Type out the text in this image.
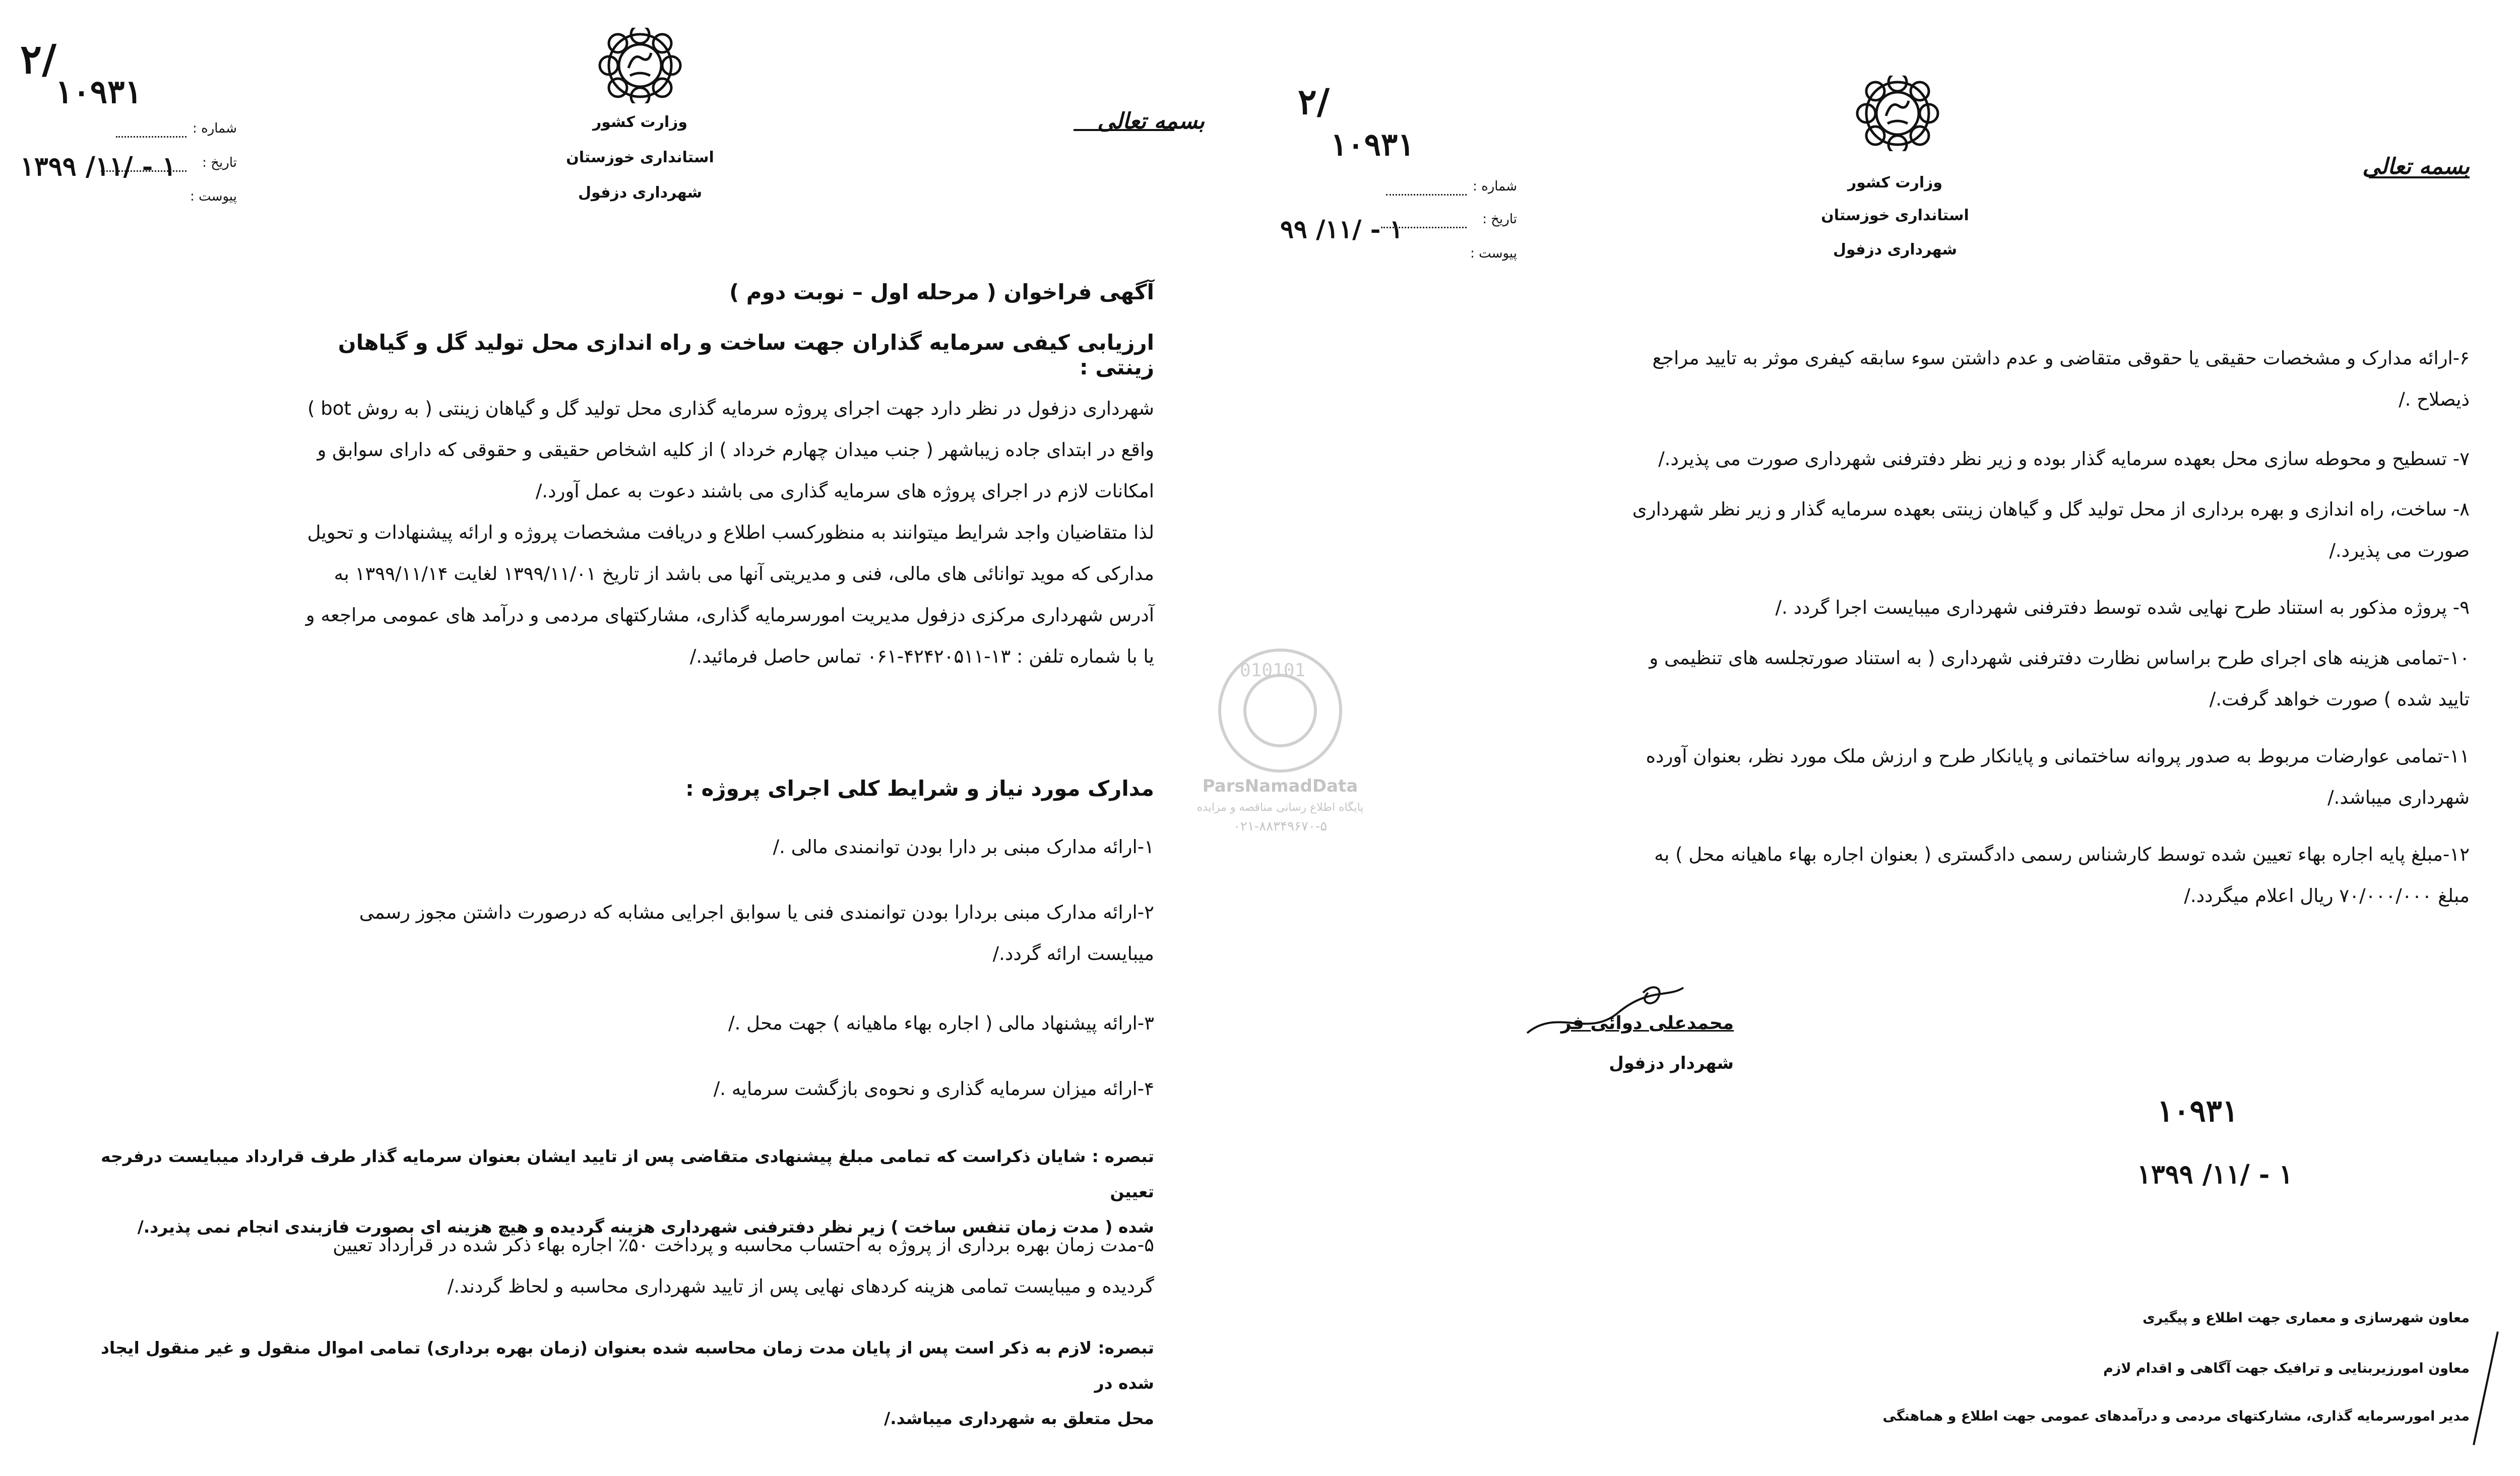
۲/
۱۰۹۳۱
۱۳۹۹ /۱۱/ - ۱
شماره :
تاریخ :
پیوست :
وزارت کشور
استانداری خوزستان
شهرداری دزفول
بسمه تعالی
آگهی فراخوان ( مرحله اول – نوبت دوم )
ارزیابی کیفی سرمایه گذاران جهت ساخت و راه اندازی محل تولید گل و گیاهان زینتی :
شهرداری دزفول در نظر دارد جهت اجرای پروژه سرمایه گذاری محل تولید گل و گیاهان زینتی ( به روش bot )
واقع در ابتدای جاده زیباشهر ( جنب میدان چهارم خرداد ) از کلیه اشخاص حقیقی و حقوقی که دارای سوابق و
امکانات لازم در اجرای پروژه های سرمایه گذاری می باشند دعوت به عمل آورد./
لذا متقاضیان واجد شرایط میتوانند به منظورکسب اطلاع و دریافت مشخصات پروژه و ارائه پیشنهادات و تحویل
مدارکی که موید توانائی های مالی، فنی و مدیریتی آنها می باشد از تاریخ ۱۳۹۹/۱۱/۰۱ لغایت ۱۳۹۹/۱۱/۱۴ به
آدرس شهرداری مرکزی دزفول مدیریت امورسرمایه گذاری، مشارکتهای مردمی و درآمد های عمومی مراجعه و
یا با شماره تلفن : ۱۳-۴۲۴۲۰۵۱۱-۰۶۱ تماس حاصل فرمائید./
مدارک مورد نیاز و شرایط کلی اجرای پروژه :
۱-ارائه مدارک مبنی بر دارا بودن توانمندی مالی ./
۲-ارائه مدارک مبنی بردارا بودن توانمندی فنی یا سوابق اجرایی مشابه که درصورت داشتن مجوز رسمی
میبایست ارائه گردد./
۳-ارائه پیشنهاد مالی ( اجاره بهاء ماهیانه ) جهت محل ./
۴-ارائه میزان سرمایه گذاری و نحوه‌ی بازگشت سرمایه ./
تبصره : شایان ذکراست که تمامی مبلغ پیشنهادی متقاضی پس از تایید ایشان بعنوان سرمایه گذار طرف قرارداد میبایست درفرجه تعیین
شده ( مدت زمان تنفس ساخت ) زیر نظر دفترفنی شهرداری هزینه گردیده و هیچ هزینه ای بصورت فازبندی انجام نمی پذیرد./
۵-مدت زمان بهره برداری از پروژه به احتساب محاسبه و پرداخت ۵۰٪ اجاره بهاء ذکر شده در قرارداد تعیین
گردیده و میبایست تمامی هزینه کردهای نهایی پس از تایید شهرداری محاسبه و لحاظ گردند./
تبصره: لازم به ذکر است پس از پایان مدت زمان محاسبه شده بعنوان (زمان بهره برداری) تمامی اموال منقول و غیر منقول ایجاد شده در
محل متعلق به شهرداری میباشد./
010101
ParsNamadData
پایگاه اطلاع رسانی مناقصه و مزایده
۰۲۱-۸۸۳۴۹۶۷۰-۵
۲/
۱۰۹۳۱
۹۹ /۱۱/ - ۱
شماره :
تاریخ :
پیوست :
وزارت کشور
استانداری خوزستان
شهرداری دزفول
بسمه تعالی
۶-ارائه مدارک و مشخصات حقیقی یا حقوقی متقاضی و عدم داشتن سوء سابقه کیفری موثر به تایید مراجع
ذیصلاح ./
۷- تسطیح و محوطه سازی محل بعهده سرمایه گذار بوده و زیر نظر دفترفنی شهرداری صورت می پذیرد./
۸- ساخت، راه اندازی و بهره برداری از محل تولید گل و گیاهان زینتی بعهده سرمایه گذار و زیر نظر شهرداری
صورت می پذیرد./
۹- پروژه مذکور به استناد طرح نهایی شده توسط دفترفنی شهرداری میبایست اجرا گردد ./
۱۰-تمامی هزینه های اجرای طرح براساس نظارت دفترفنی شهرداری ( به استناد صورتجلسه های تنظیمی و
تایید شده ) صورت خواهد گرفت./
۱۱-تمامی عوارضات مربوط به صدور پروانه ساختمانی و پایانکار طرح و ارزش ملک مورد نظر، بعنوان آورده
شهرداری میباشد./
۱۲-مبلغ پایه اجاره بهاء تعیین شده توسط کارشناس رسمی دادگستری ( بعنوان اجاره بهاء ماهیانه محل ) به
مبلغ ۷۰/۰۰۰/۰۰۰ ریال اعلام میگردد./
محمدعلی دوائی فر
شهردار دزفول
۱۰۹۳۱
۱۳۹۹ /۱۱/ - ۱
معاون شهرسازی و معماری جهت اطلاع و پیگیری
معاون امورزیربنایی و ترافیک جهت آگاهی و اقدام لازم
مدیر امورسرمایه گذاری، مشارکتهای مردمی و درآمدهای عمومی جهت اطلاع و هماهنگی
